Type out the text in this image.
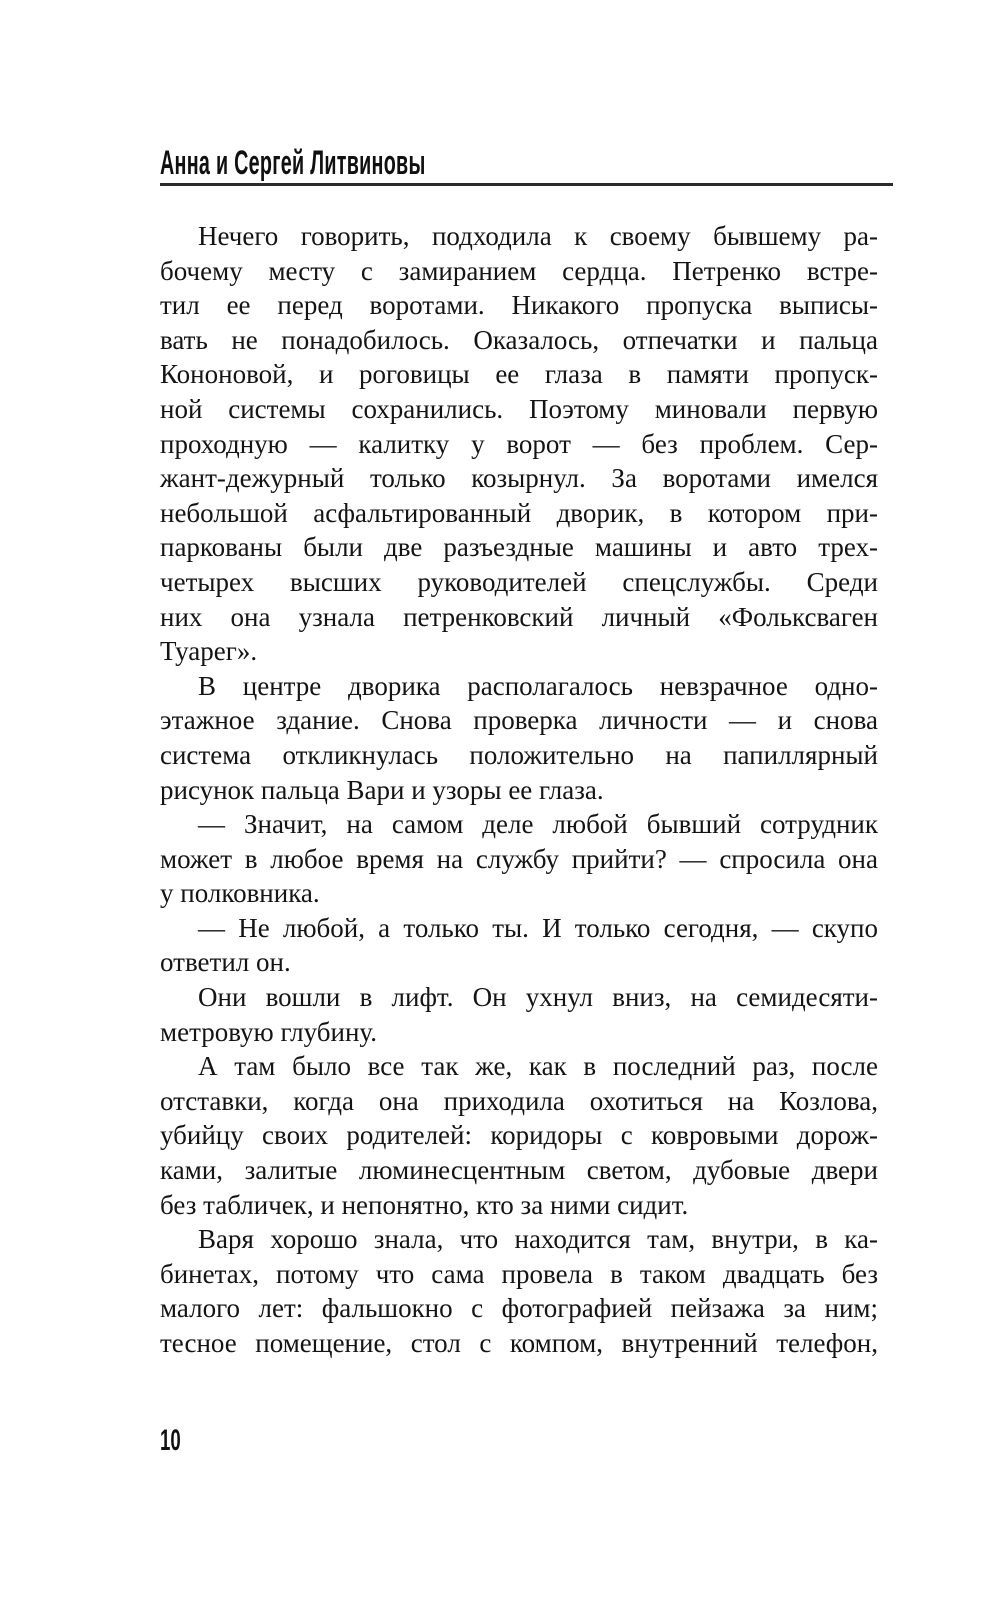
Анна и Сергей Литвиновы
Нечего говорить, подходила к своему бывшему ра-
бочему месту с замиранием сердца. Петренко встре-
тил ее перед воротами. Никакого пропуска выписы-
вать не понадобилось. Оказалось, отпечатки и пальца
Кононовой, и роговицы ее глаза в памяти пропуск-
ной системы сохранились. Поэтому миновали первую
проходную — калитку у ворот — без проблем. Сер-
жант-дежурный только козырнул. За воротами имелся
небольшой асфальтированный дворик, в котором при-
паркованы были две разъездные машины и авто трех-
четырех высших руководителей спецслужбы. Среди
них она узнала петренковский личный «Фольксваген
Туарег».
В центре дворика располагалось невзрачное одно-
этажное здание. Снова проверка личности — и снова
система откликнулась положительно на папиллярный
рисунок пальца Вари и узоры ее глаза.
— Значит, на самом деле любой бывший сотрудник
может в любое время на службу прийти? — спросила она
у полковника.
— Не любой, а только ты. И только сегодня, — скупо
ответил он.
Они вошли в лифт. Он ухнул вниз, на семидесяти-
метровую глубину.
А там было все так же, как в последний раз, после
отставки, когда она приходила охотиться на Козлова,
убийцу своих родителей: коридоры с ковровыми дорож-
ками, залитые люминесцентным светом, дубовые двери
без табличек, и непонятно, кто за ними сидит.
Варя хорошо знала, что находится там, внутри, в ка-
бинетах, потому что сама провела в таком двадцать без
малого лет: фальшокно с фотографией пейзажа за ним;
тесное помещение, стол с компом, внутренний телефон,
10
